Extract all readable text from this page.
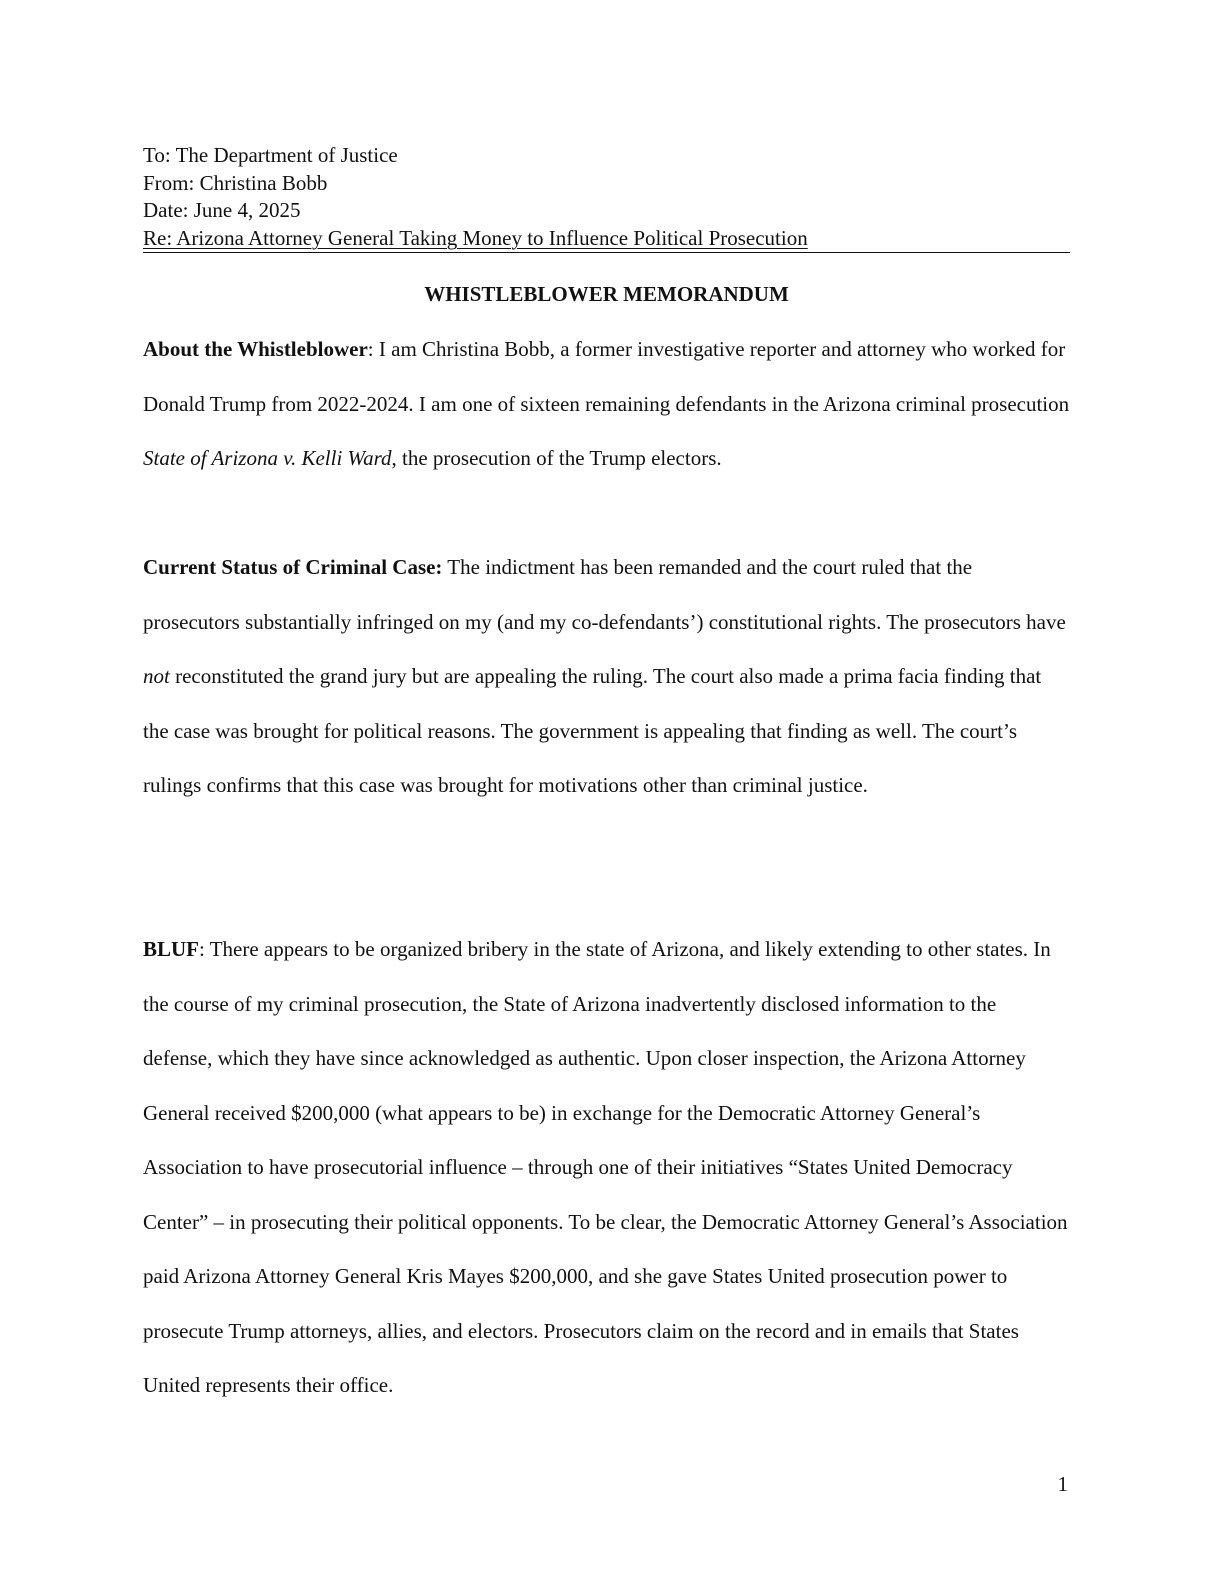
To: The Department of Justice
From: Christina Bobb
Date: June 4, 2025
Re: Arizona Attorney General Taking Money to Influence Political Prosecution
WHISTLEBLOWER MEMORANDUM

About the Whistleblower: I am Christina Bobb, a former investigative reporter and attorney who worked for Donald Trump from 2022-2024. I am one of sixteen remaining defendants in the Arizona criminal prosecution State of Arizona v. Kelli Ward, the prosecution of the Trump electors.

Current Status of Criminal Case: The indictment has been remanded and the court ruled that the prosecutors substantially infringed on my (and my co-defendants’) constitutional rights. The prosecutors have not reconstituted the grand jury but are appealing the ruling. The court also made a prima facia finding that the case was brought for political reasons. The government is appealing that finding as well. The court’s rulings confirms that this case was brought for motivations other than criminal justice.

BLUF: There appears to be organized bribery in the state of Arizona, and likely extending to other states. In the course of my criminal prosecution, the State of Arizona inadvertently disclosed information to the defense, which they have since acknowledged as authentic. Upon closer inspection, the Arizona Attorney General received $200,000 (what appears to be) in exchange for the Democratic Attorney General’s Association to have prosecutorial influence – through one of their initiatives “States United Democracy Center” – in prosecuting their political opponents. To be clear, the Democratic Attorney General’s Association paid Arizona Attorney General Kris Mayes $200,000, and she gave States United prosecution power to prosecute Trump attorneys, allies, and electors. Prosecutors claim on the record and in emails that States United represents their office.

1
